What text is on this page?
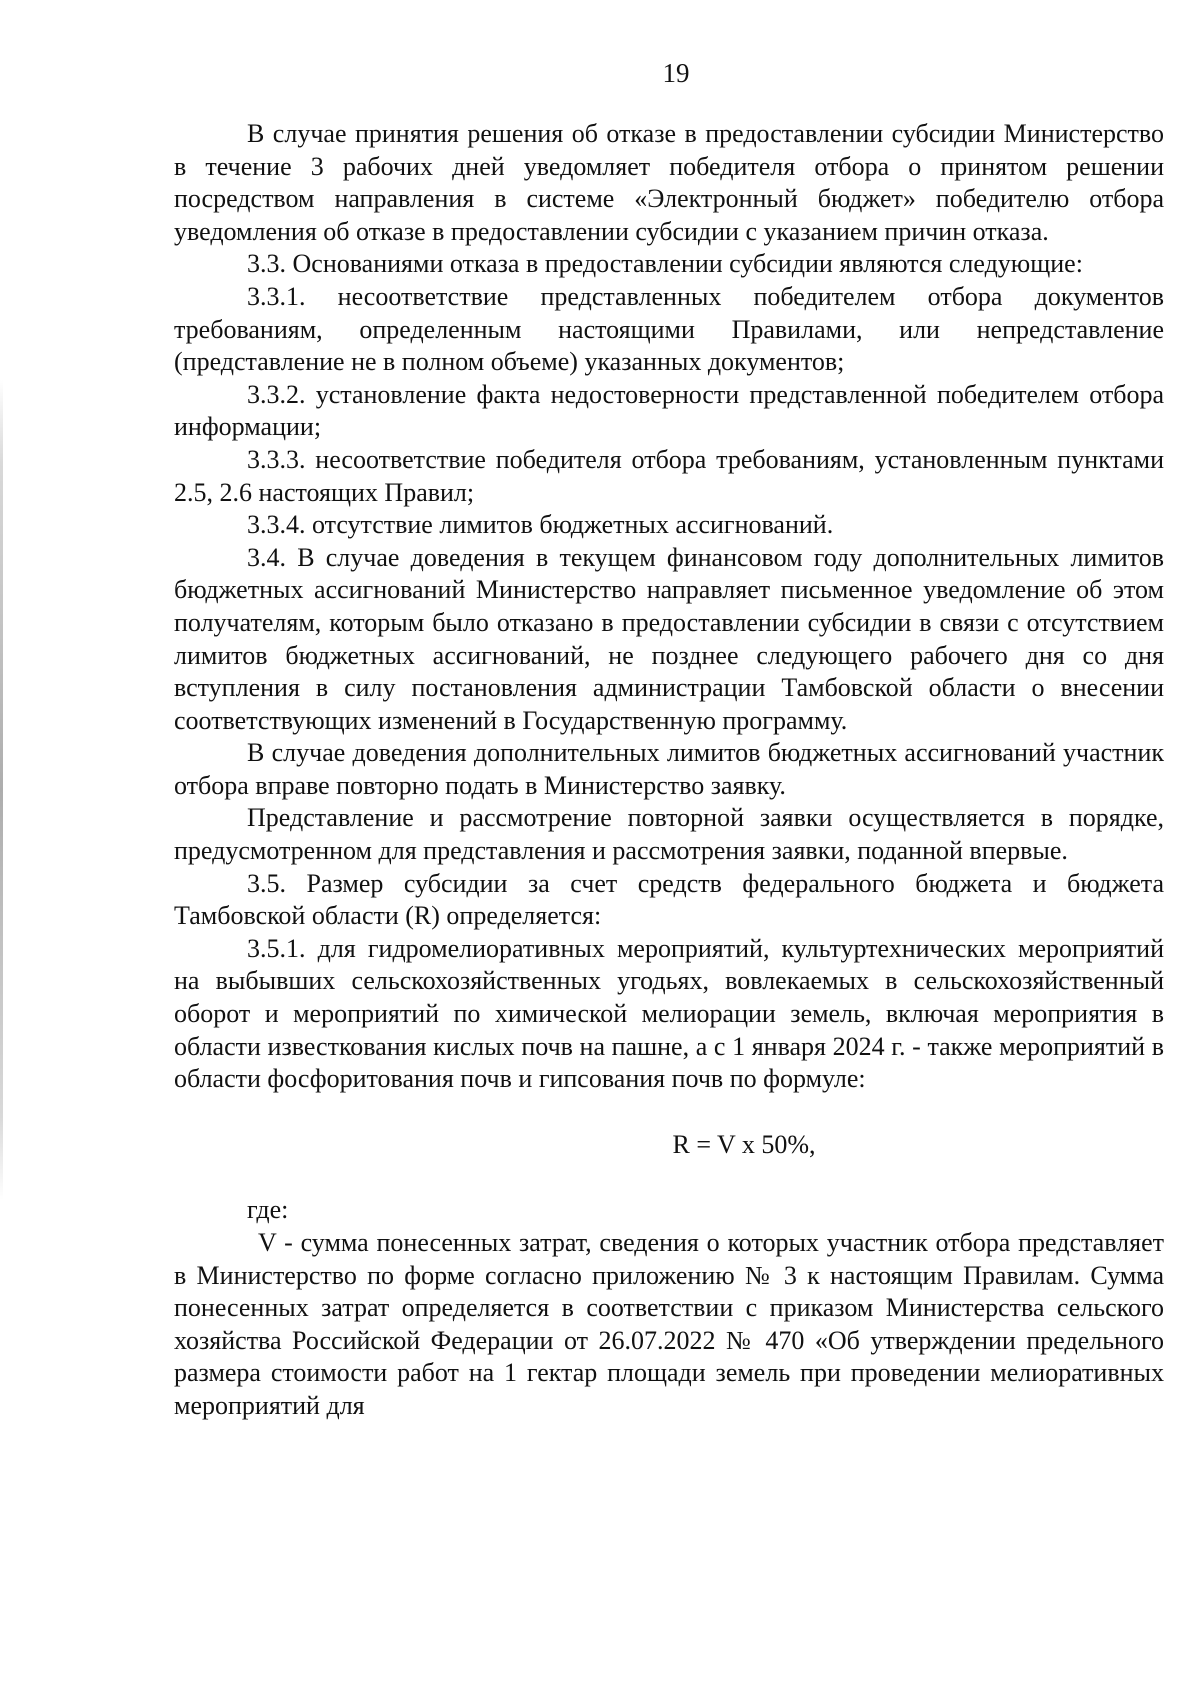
19

В случае принятия решения об отказе в предоставлении субсидии Министерство в течение 3 рабочих дней уведомляет победителя отбора о принятом решении посредством направления в системе «Электронный бюджет» победителю отбора уведомления об отказе в предоставлении субсидии с указанием причин отказа.

3.3. Основаниями отказа в предоставлении субсидии являются следующие:

3.3.1. несоответствие представленных победителем отбора документов требованиям, определенным настоящими Правилами, или непредставление (представление не в полном объеме) указанных документов;

3.3.2. установление факта недостоверности представленной победителем отбора информации;

3.3.3. несоответствие победителя отбора требованиям, установленным пунктами 2.5, 2.6 настоящих Правил;

3.3.4. отсутствие лимитов бюджетных ассигнований.

3.4. В случае доведения в текущем финансовом году дополнительных лимитов бюджетных ассигнований Министерство направляет письменное уведомление об этом получателям, которым было отказано в предоставлении субсидии в связи с отсутствием лимитов бюджетных ассигнований, не позднее следующего рабочего дня со дня вступления в силу постановления администрации Тамбовской области о внесении соответствующих изменений в Государственную программу.

В случае доведения дополнительных лимитов бюджетных ассигнований участник отбора вправе повторно подать в Министерство заявку.

Представление и рассмотрение повторной заявки осуществляется в порядке, предусмотренном для представления и рассмотрения заявки, поданной впервые.

3.5. Размер субсидии за счет средств федерального бюджета и бюджета Тамбовской области (R) определяется:

3.5.1. для гидромелиоративных мероприятий, культуртехнических мероприятий на выбывших сельскохозяйственных угодьях, вовлекаемых в сельскохозяйственный оборот и мероприятий по химической мелиорации земель, включая мероприятия в области известкования кислых почв на пашне, а с 1 января 2024 г. - также мероприятий в области фосфоритования почв и гипсования почв по формуле:

R = V x 50%,

где:

V - сумма понесенных затрат, сведения о которых участник отбора представляет в Министерство по форме согласно приложению № 3 к настоящим Правилам. Сумма понесенных затрат определяется в соответствии с приказом Министерства сельского хозяйства Российской Федерации от 26.07.2022 № 470 «Об утверждении предельного размера стоимости работ на 1 гектар площади земель при проведении мелиоративных мероприятий для
